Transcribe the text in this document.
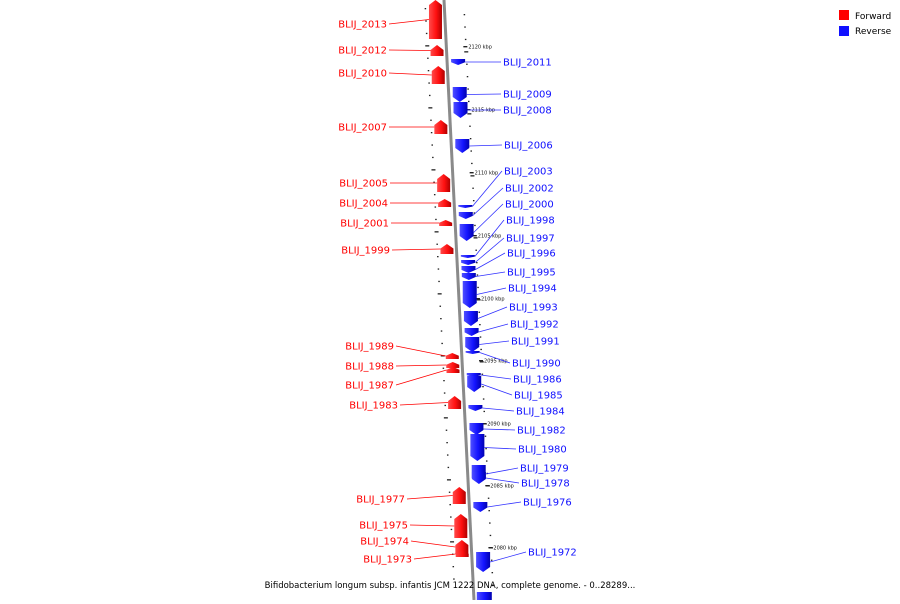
2120 kbp
2115 kbp
2110 kbp
2105 kbp
2100 kbp
2095 kbp
2090 kbp
2085 kbp
2080 kbp
BLIJ_2013
BLIJ_2012
BLIJ_2010
BLIJ_2007
BLIJ_2005
BLIJ_2004
BLIJ_2001
BLIJ_1999
BLIJ_1989
BLIJ_1988
BLIJ_1987
BLIJ_1983
BLIJ_1977
BLIJ_1975
BLIJ_1974
BLIJ_1973
BLIJ_2011
BLIJ_2009
BLIJ_2008
BLIJ_2006
BLIJ_2003
BLIJ_2002
BLIJ_2000
BLIJ_1998
BLIJ_1997
BLIJ_1996
BLIJ_1995
BLIJ_1994
BLIJ_1993
BLIJ_1992
BLIJ_1991
BLIJ_1990
BLIJ_1986
BLIJ_1985
BLIJ_1984
BLIJ_1982
BLIJ_1980
BLIJ_1979
BLIJ_1978
BLIJ_1976
BLIJ_1972
Forward
Reverse
Bifidobacterium longum subsp. infantis JCM 1222 DNA, complete genome. - 0..28289...
